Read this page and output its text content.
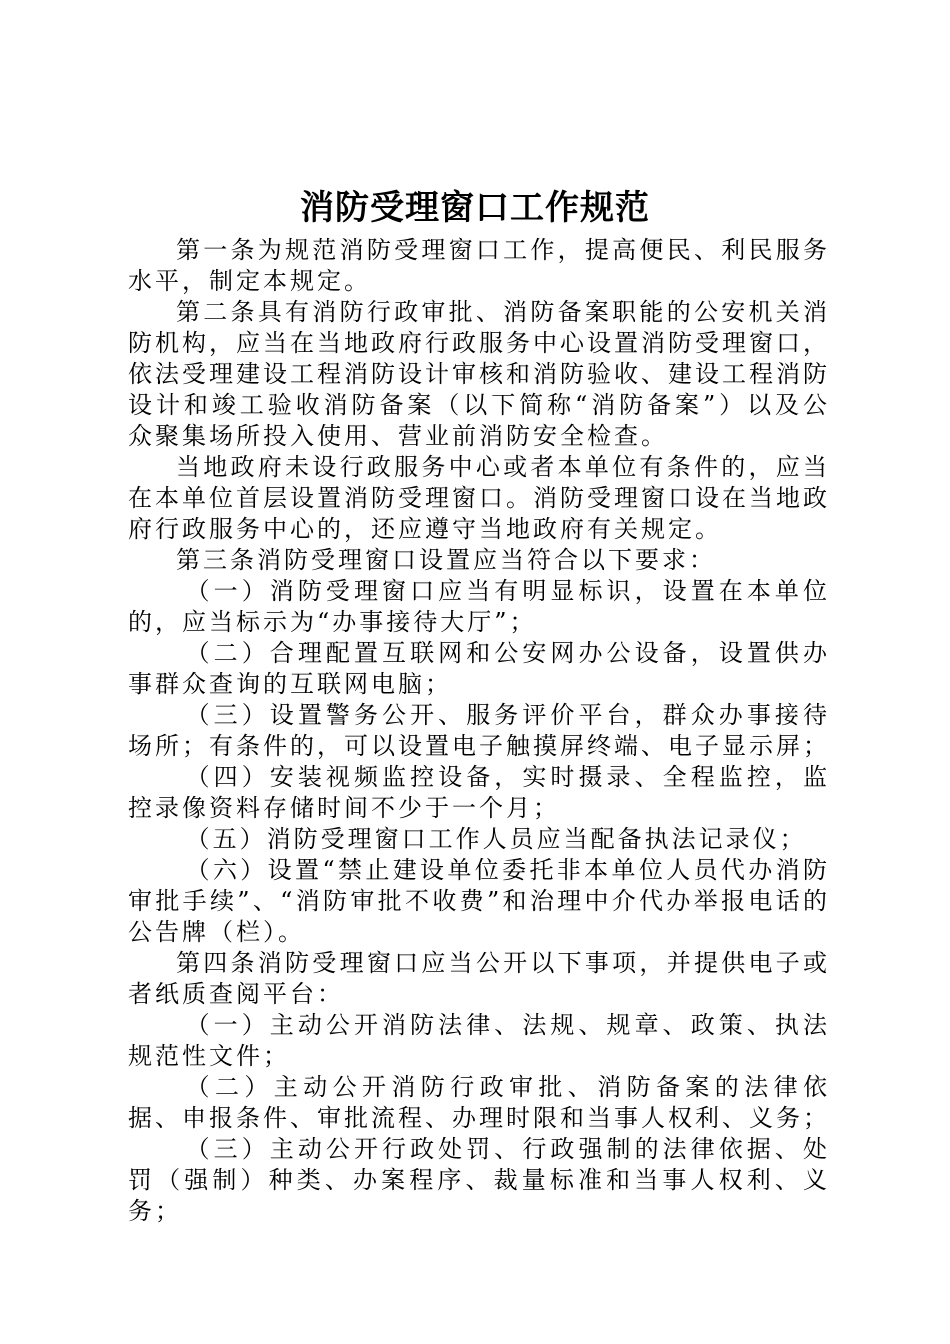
消防受理窗口工作规范

第一条为规范消防受理窗口工作，提高便民、利民服务水平，制定本规定。

第二条具有消防行政审批、消防备案职能的公安机关消防机构，应当在当地政府行政服务中心设置消防受理窗口，依法受理建设工程消防设计审核和消防验收、建设工程消防设计和竣工验收消防备案（以下简称“消防备案”）以及公众聚集场所投入使用、营业前消防安全检查。

当地政府未设行政服务中心或者本单位有条件的，应当在本单位首层设置消防受理窗口。消防受理窗口设在当地政府行政服务中心的，还应遵守当地政府有关规定。

第三条消防受理窗口设置应当符合以下要求：

（一）消防受理窗口应当有明显标识，设置在本单位的，应当标示为“办事接待大厅”；

（二）合理配置互联网和公安网办公设备，设置供办事群众查询的互联网电脑；

（三）设置警务公开、服务评价平台，群众办事接待场所；有条件的，可以设置电子触摸屏终端、电子显示屏；

（四）安装视频监控设备，实时摄录、全程监控，监控录像资料存储时间不少于一个月；

（五）消防受理窗口工作人员应当配备执法记录仪；

（六）设置“禁止建设单位委托非本单位人员代办消防审批手续”、“消防审批不收费”和治理中介代办举报电话的公告牌（栏）。

第四条消防受理窗口应当公开以下事项，并提供电子或者纸质查阅平台：

（一）主动公开消防法律、法规、规章、政策、执法规范性文件；

（二）主动公开消防行政审批、消防备案的法律依据、申报条件、审批流程、办理时限和当事人权利、义务；

（三）主动公开行政处罚、行政强制的法律依据、处罚（强制）种类、办案程序、裁量标准和当事人权利、义务；
